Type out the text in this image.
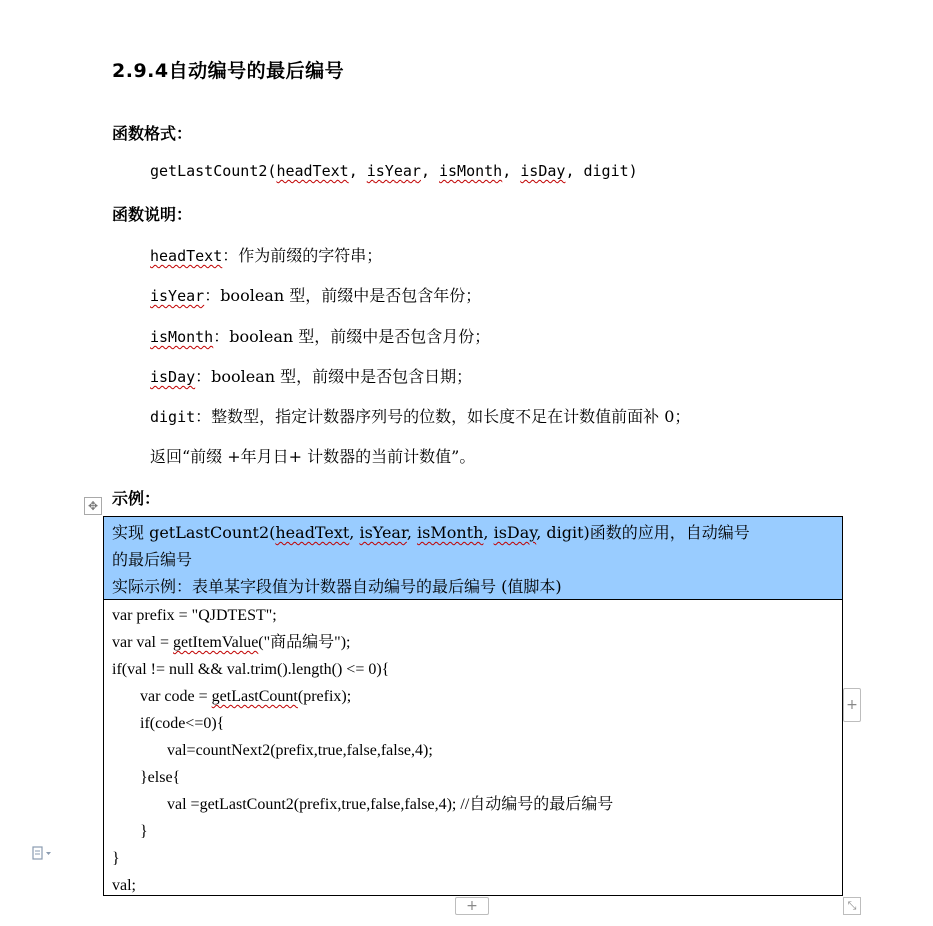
2.9.4自动编号的最后编号
函数格式：
getLastCount2(headText, isYear, isMonth, isDay, digit)
函数说明：
headText：作为前缀的字符串；
isYear：boolean 型，前缀中是否包含年份；
isMonth：boolean 型，前缀中是否包含月份；
isDay：boolean 型，前缀中是否包含日期；
digit：整数型，指定计数器序列号的位数，如长度不足在计数值前面补 0；
返回“前缀 +年月日+ 计数器的当前计数值”。
示例：
✥
实现 getLastCount2(headText, isYear, isMonth, isDay, digit)函数的应用，自动编号
的最后编号
实际示例：表单某字段值为计数器自动编号的最后编号 (值脚本)
var prefix = "QJDTEST";
var val = getItemValue("商品编号");
if(val != null && val.trim().length() <= 0){
var code = getLastCount(prefix);
if(code<=0){
val=countNext2(prefix,true,false,false,4);
}else{
val =getLastCount2(prefix,true,false,false,4); //自动编号的最后编号
}
}
val;
+
+	⤡
